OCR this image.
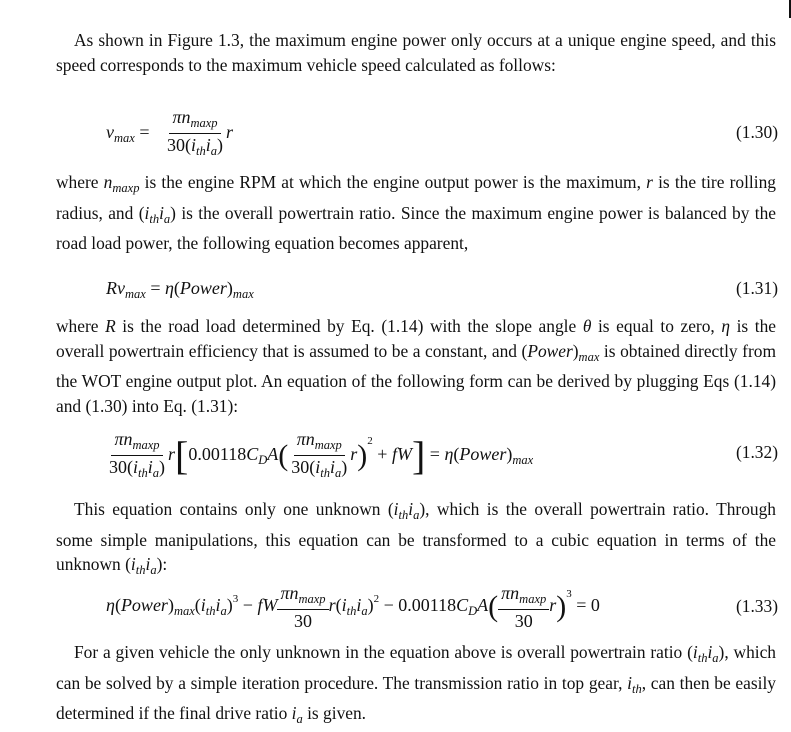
As shown in Figure 1.3, the maximum engine power only occurs at a unique engine speed, and this speed corresponds to the maximum vehicle speed calculated as follows:

$v_{max} = \frac{\pi n_{maxp}}{30(i_{th}i_a)}$ r	(1.30)

where $n_{maxp}$ is the engine RPM at which the engine output power is the maximum, r is the tire rolling radius, and $(i_{th}i_a)$ is the overall powertrain ratio. Since the maximum engine power is balanced by the road load power, the following equation becomes apparent,

$Rv_{max}$ = $\eta(Power)_{max}$	(1.31)

where R is the road load determined by Eq. (1.14) with the slope angle θ is equal to zero, η is the overall powertrain efficiency that is assumed to be a constant, and $(Power)_{max}$ is obtained directly from the WOT engine output plot. An equation of the following form can be derived by plugging Eqs (1.14) and (1.30) into Eq. (1.31):

$\frac{\pi n_{maxp}}{30(i_{th}i_a)} r[0.00118C_DA( \frac{\pi n_{maxp}}{30(i_{th}i_a)} r)^2 + fW]$ = $\eta(Power)_{max}$	(1.32)

This equation contains only one unknown $(i_{th}i_a)$, which is the overall powertrain ratio. Through some simple manipulations, this equation can be transformed to a cubic equation in terms of the unknown $(i_{th}i_a)$:

$\eta(Power)_{max}(i_{th}i_a)^3$ − fW $\frac{\pi n_{maxp}}{30} r(i_{th}i_a)^2 - 0.00118C_DA( \frac{\pi n_{maxp}}{30} r)^3 = 0$	(1.33)

For a given vehicle the only unknown in the equation above is overall powertrain ratio $(i_{th}i_a)$, which can be solved by a simple iteration procedure. The transmission ratio in top gear, $i_{th}$, can then be easily determined if the final drive ratio $i_a$ is given.
